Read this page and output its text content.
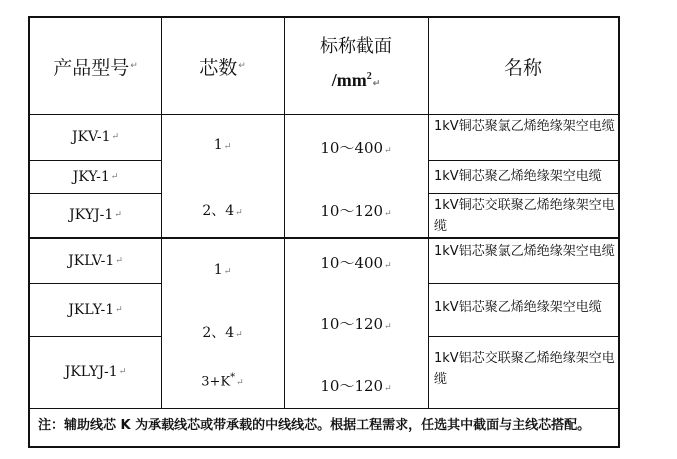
产品型号 ↵	芯数 ↵
标称截面
$/mm^2↵$
名称
JKV-1 ↵
JKY-1 ↵
JKYJ-1 ↵
1↵
2、4↵
10～400↵
10～120↵
1kV铜芯聚氯乙烯绝缘架空电缆
1kV铜芯聚乙烯绝缘架空电缆
1kV铜芯交联聚乙烯绝缘架空电缆
JKLV-1 ↵
JKLY-1 ↵
JKLYJ-1 ↵
1↵
2、4↵
3+K*↵
10～400↵
10～120↵
10～120↵
1kV铝芯聚氯乙烯绝缘架空电缆
1kV铝芯聚乙烯绝缘架空电缆
1kV铝芯交联聚乙烯绝缘架空电缆
注：辅助线芯 K 为承载线芯或带承载的中线线芯。根据工程需求，任选其中截面与主线芯搭配。
